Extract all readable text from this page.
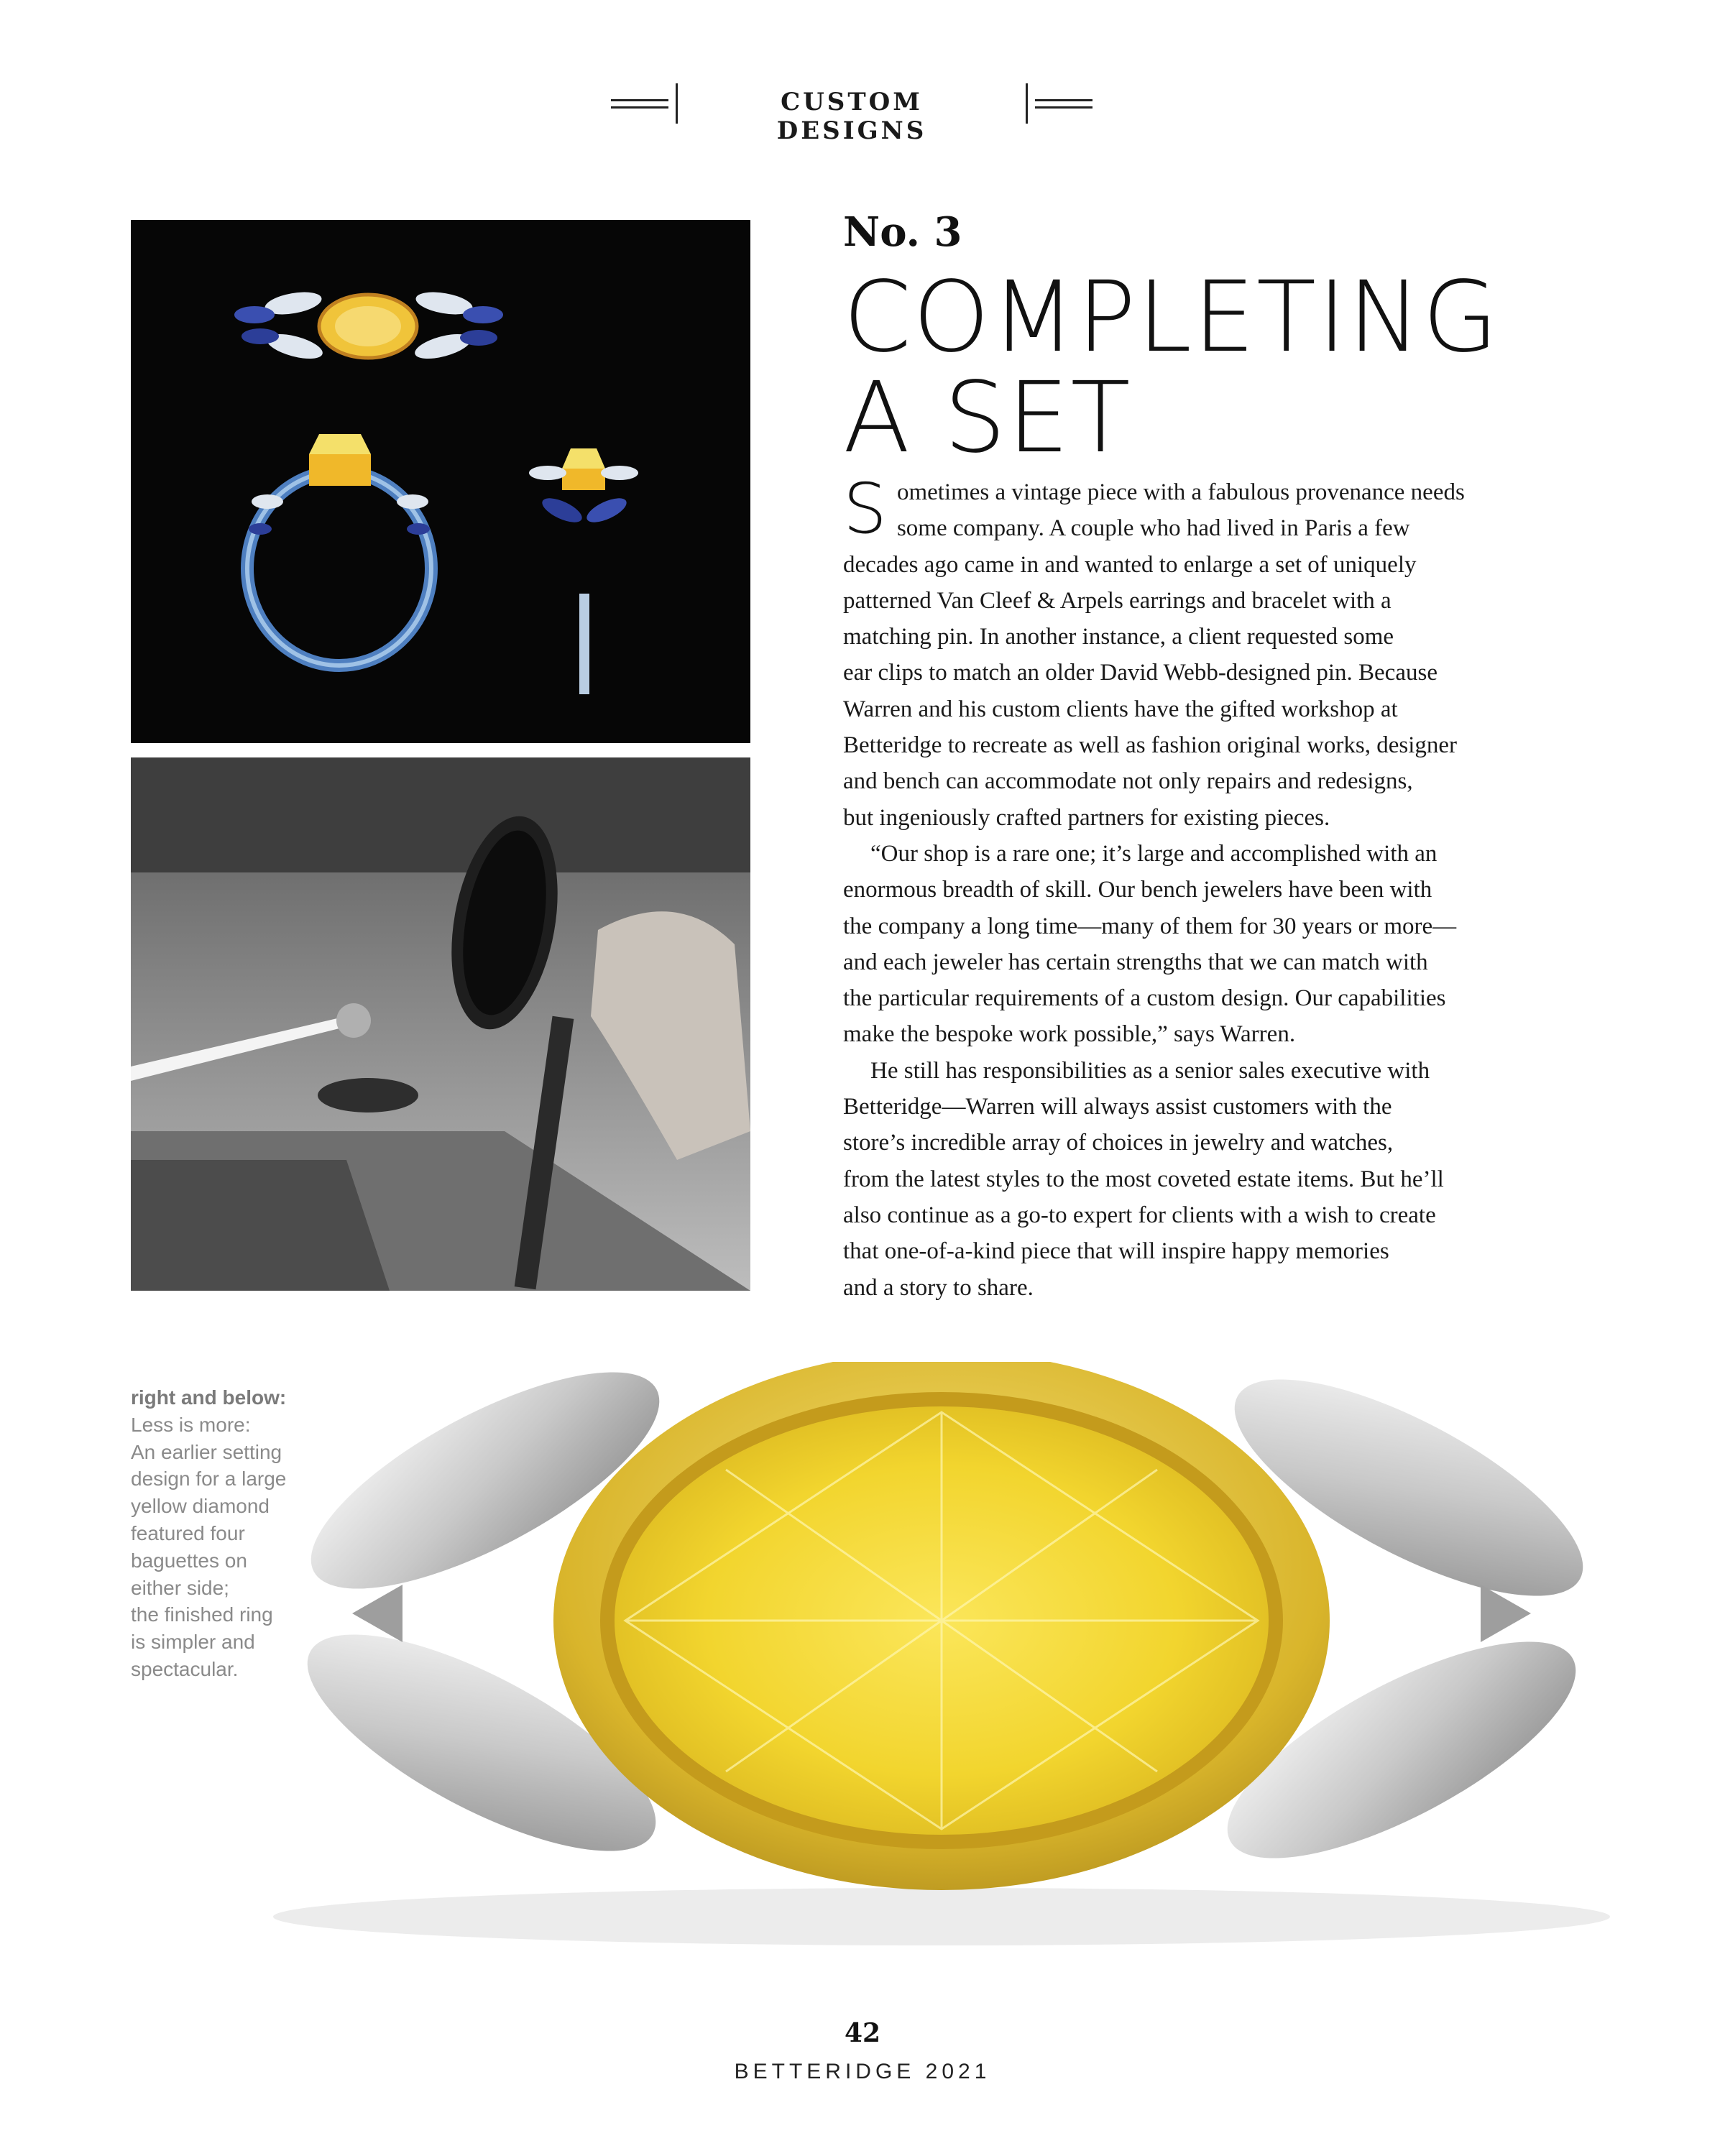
CUSTOM DESIGNS
No. 3
COMPLETING
A SET

S ometimes a vintage piece with a fabulous provenance needs
some company. A couple who had lived in Paris a few
decades ago came in and wanted to enlarge a set of uniquely
patterned Van Cleef & Arpels earrings and bracelet with a
matching pin. In another instance, a client requested some
ear clips to match an older David Webb-designed pin. Because
Warren and his custom clients have the gifted workshop at
Betteridge to recreate as well as fashion original works, designer
and bench can accommodate not only repairs and redesigns,
but ingeniously crafted partners for existing pieces.

“Our shop is a rare one; it’s large and accomplished with an
enormous breadth of skill. Our bench jewelers have been with
the company a long time—many of them for 30 years or more—
and each jeweler has certain strengths that we can match with
the particular requirements of a custom design. Our capabilities
make the bespoke work possible,” says Warren.

He still has responsibilities as a senior sales executive with
Betteridge—Warren will always assist customers with the
store’s incredible array of choices in jewelry and watches,
from the latest styles to the most coveted estate items. But he’ll
also continue as a go-to expert for clients with a wish to create
that one-of-a-kind piece that will inspire happy memories
and a story to share.

right and below:
Less is more:
An earlier setting
design for a large
yellow diamond
featured four
baguettes on
either side;
the finished ring
is simpler and
spectacular.
42
BETTERIDGE 2021
